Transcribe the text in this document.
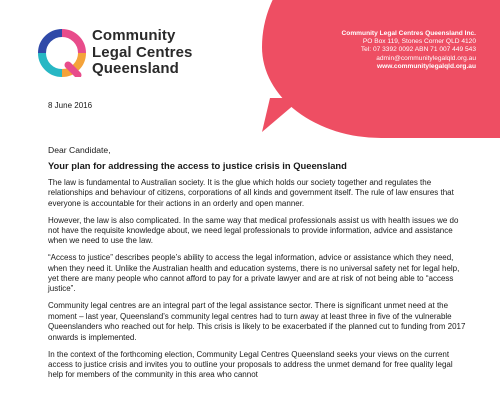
Community Legal Centres Queensland Inc.
PO Box 119, Stones Corner QLD 4120
Tel: 07 3392 0092 ABN 71 007 449 543
admin@communitylegalqld.org.au
www.communitylegalqld.org.au
Community
Legal Centres
Queensland
8 June 2016

Dear Candidate,

Your plan for addressing the access to justice crisis in Queensland

The law is fundamental to Australian society. It is the glue which holds our society together and regulates the relationships and behaviour of citizens, corporations of all kinds and government itself. The rule of law ensures that everyone is accountable for their actions in an orderly and open manner.

However, the law is also complicated. In the same way that medical professionals assist us with health issues we do not have the requisite knowledge about, we need legal professionals to provide information, advice and assistance when we need to use the law.

“Access to justice” describes people’s ability to access the legal information, advice or assistance which they need, when they need it. Unlike the Australian health and education systems, there is no universal safety net for legal help, yet there are many people who cannot afford to pay for a private lawyer and are at risk of not being able to “access justice”.

Community legal centres are an integral part of the legal assistance sector. There is significant unmet need at the moment – last year, Queensland’s community legal centres had to turn away at least three in five of the vulnerable Queenslanders who reached out for help. This crisis is likely to be exacerbated if the planned cut to funding from 2017 onwards is implemented.

In the context of the forthcoming election, Community Legal Centres Queensland seeks your views on the current access to justice crisis and invites you to outline your proposals to address the unmet demand for free quality legal help for members of the community in this area who cannot
